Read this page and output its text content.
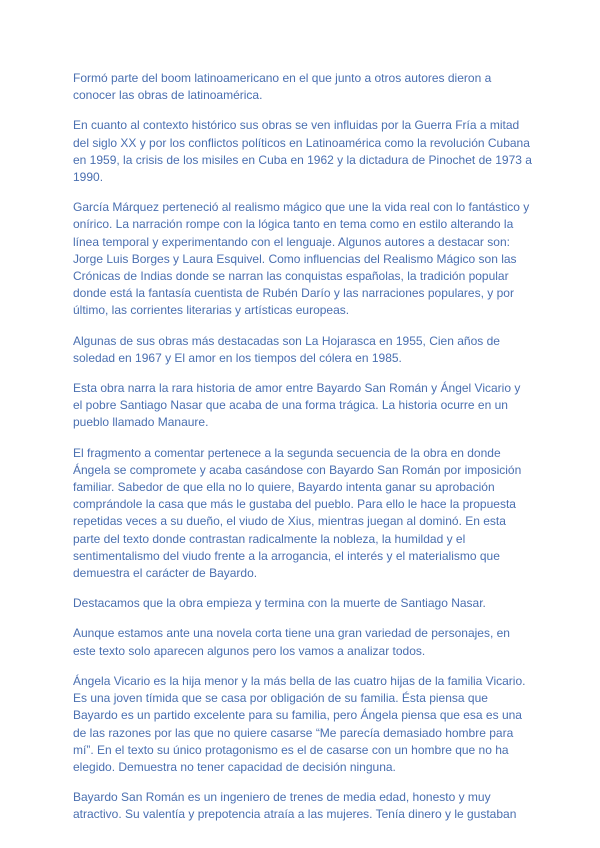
Formó parte del boom latinoamericano en el que junto a otros autores dieron a conocer las obras de latinoamérica.

En cuanto al contexto histórico sus obras se ven influidas por la Guerra Fría a mitad del siglo XX y por los conflictos políticos en Latinoamérica como la revolución Cubana en 1959, la crisis de los misiles en Cuba en 1962 y la dictadura de Pinochet de 1973 a 1990.

García Márquez perteneció al realismo mágico que une la vida real con lo fantástico y onírico. La narración rompe con la lógica tanto en tema como en estilo alterando la línea temporal y experimentando con el lenguaje. Algunos autores a destacar son: Jorge Luis Borges y Laura Esquivel. Como influencias del Realismo Mágico son las Crónicas de Indias donde se narran las conquistas españolas, la tradición popular donde está la fantasía cuentista de Rubén Darío y las narraciones populares, y por último, las corrientes literarias y artísticas europeas.

Algunas de sus obras más destacadas son La Hojarasca en 1955, Cien años de soledad en 1967 y El amor en los tiempos del cólera en 1985.

Esta obra narra la rara historia de amor entre Bayardo San Román y Ángel Vicario y el pobre Santiago Nasar que acaba de una forma trágica. La historia ocurre en un pueblo llamado Manaure.

El fragmento a comentar pertenece a la segunda secuencia de la obra en donde Ángela se compromete y acaba casándose con Bayardo San Román por imposición familiar. Sabedor de que ella no lo quiere, Bayardo intenta ganar su aprobación comprándole la casa que más le gustaba del pueblo. Para ello le hace la propuesta repetidas veces a su dueño, el viudo de Xius, mientras juegan al dominó. En esta parte del texto donde contrastan radicalmente la nobleza, la humildad y el sentimentalismo del viudo frente a la arrogancia, el interés y el materialismo que demuestra el carácter de Bayardo.

Destacamos que la obra empieza y termina con la muerte de Santiago Nasar.

Aunque estamos ante una novela corta tiene una gran variedad de personajes, en este texto solo aparecen algunos pero los vamos a analizar todos.

Ángela Vicario es la hija menor y la más bella de las cuatro hijas de la familia Vicario. Es una joven tímida que se casa por obligación de su familia. Ésta piensa que Bayardo es un partido excelente para su familia, pero Ángela piensa que esa es una de las razones por las que no quiere casarse “Me parecía demasiado hombre para mí”. En el texto su único protagonismo es el de casarse con un hombre que no ha elegido. Demuestra no tener capacidad de decisión ninguna.

Bayardo San Román es un ingeniero de trenes de media edad, honesto y muy atractivo. Su valentía y prepotencia atraía a las mujeres. Tenía dinero y le gustaban
